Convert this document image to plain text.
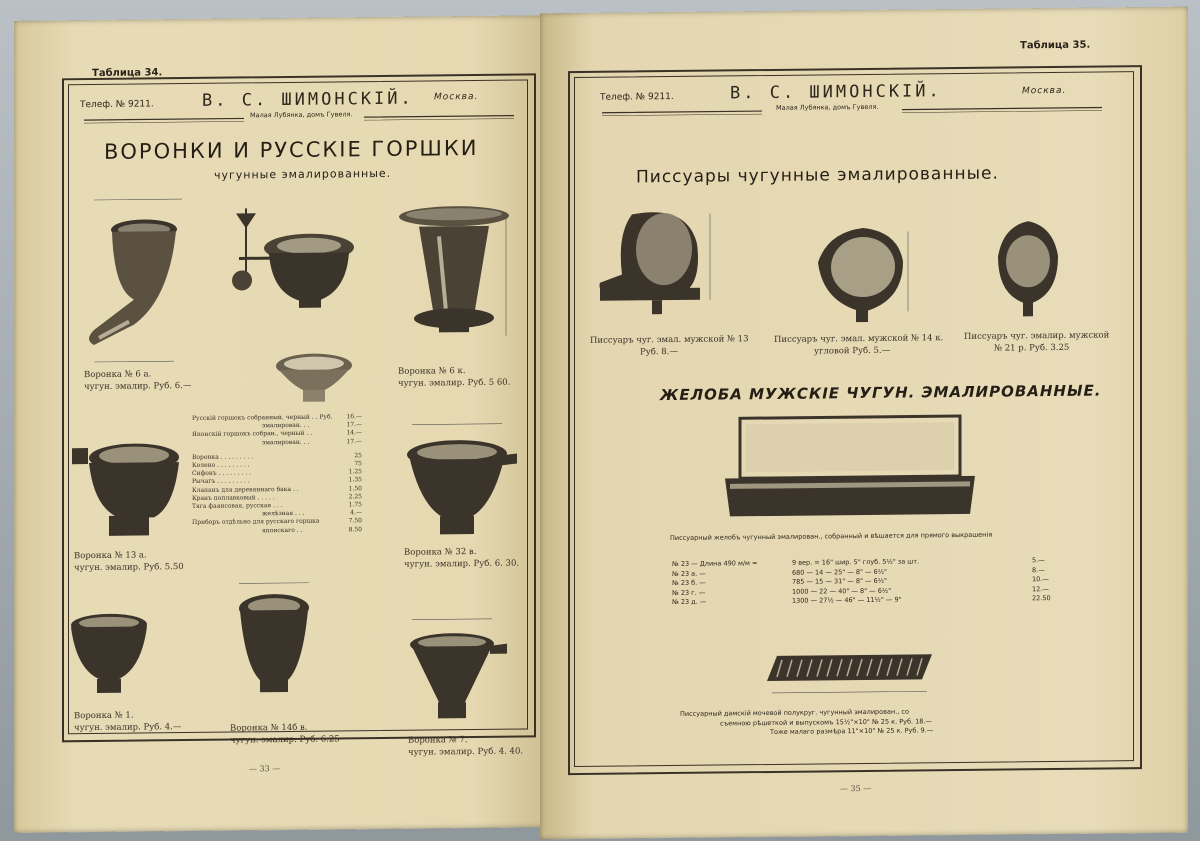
Таблица 34.
Телеф. № 9211.	В. С. ШИМОНСКІЙ. Москва.
Малая Лубянка, домъ Гувеля.
ВОРОНКИ И РУССКІЕ ГОРШКИ
чугунные эмалированные.
Воронка № 6 а.
чугун. эмалир. Руб. 6.—
Воронка № 6 к.
чугун. эмалир. Руб. 5 60.
Воронка № 13 а.
чугун. эмалир. Руб. 5.50
Русскій горшокъ собранный, черный . . Руб.	16.—
эмалирован. . .	17.—
Японскій горшокъ собран., черный . .	14.—
эмалирован. . .	17.—
Воронка . . . . . . . . .	25
Колено . . . . . . . . .	75
Сифонъ . . . . . . . . .	1.25
Рычагъ . . . . . . . . .	1.35
Клапанъ для деревяннаго бака . .	1.50
Кранъ поплавковый . . . . .	2.25
Тяга фаянсовая, русская . . .	1.75
желѣзная . . .	4.—
Приборъ отдѣльно для русскаго горшка	7.50
японскаго . .	8.50
Воронка № 32 в.
чугун. эмалир. Руб. 6. 30.
Воронка № 1.
чугун. эмалир. Руб. 4.—	Воронка № 14б в.
чугун. эмалир. Руб. 6.25	Воронка № 7.
чугун. эмалир. Руб. 4. 40.
— 33 —
Таблица 35.
Телеф. № 9211.	В. С. ШИМОНСКІЙ.	Москва.
Малая Лубянка, домъ Гувеля.
Писсуары чугунные эмалированные.
Писсуаръ чуг. эмал. мужской № 13
Руб. 8.—
Писсуаръ чуг. эмал. мужской № 14 к.
угловой Руб. 5.—
Писсуаръ чуг. эмалир. мужской
№ 21 р. Руб. 3.25
ЖЕЛОБА МУЖСКІЕ ЧУГУН. ЭМАЛИРОВАННЫЕ.
Писсуарный желобъ чугунный эмалирован., собранный и вѣшается для прямого выкрашенія
№ 23 — Длина 490 м/м =	9 вер. = 16" шир. 5" глуб. 5½" за шт.	5.—
№ 23 a. —	680 — 14 — 25" — 8" — 6½"	8.—
№ 23 б. —	785 — 15 — 31" — 8" — 6½"	10.—
№ 23 г. —	1000 — 22 — 40" — 8" — 6½"	12.—
№ 23 д. —	1300 — 27½ — 46" — 11½" — 9"	22.50
Писсуарный дамскій мочевой полукруг. чугунный эмалирован., со
съемною рѣшеткой и выпускомъ 15½"×10" № 25 к. Руб. 18.—
Тоже малаго размѣра 11"×10" № 25 к. Руб. 9.—
— 35 —
